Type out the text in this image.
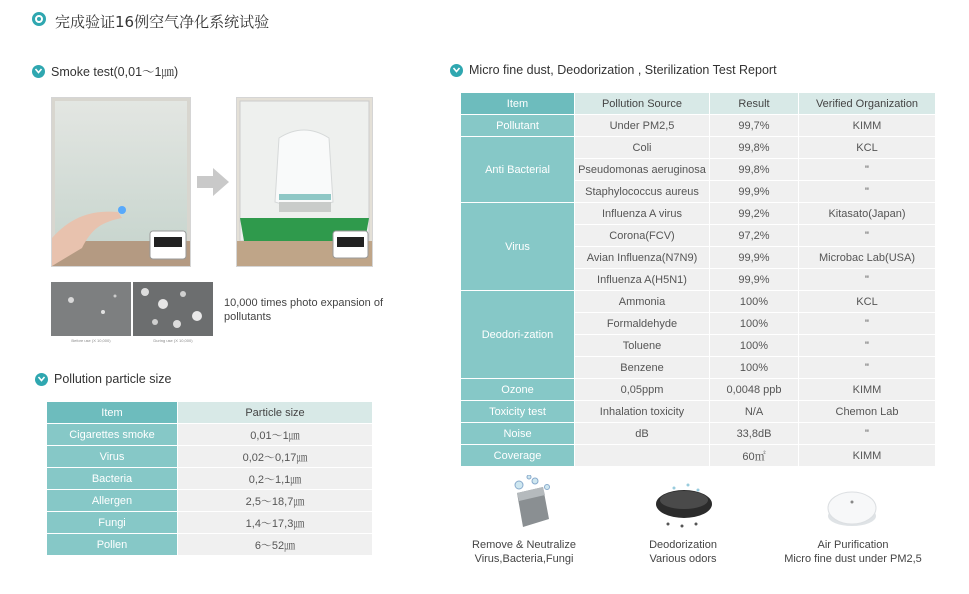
完成验证16例空气净化系统试验
Smoke test(0,01～1㎛)
Before use (X 10,000)	During use (X 10,000)
10,000 times photo expansion of pollutants
Pollution particle size
Item	Particle size
Cigarettes smoke	0,01～1㎛
Virus	0,02～0,17㎛
Bacteria	0,2～1,1㎛
Allergen	2,5～18,7㎛
Fungi	1,4～17,3㎛
Pollen	6～52㎛
Micro fine dust, Deodorization , Sterilization Test Report
Item	Pollution Source	Result	Verified Organization
Pollutant	Under PM2,5	99,7%	KIMM
Anti Bacterial	Coli	99,8%	KCL
	Pseudomonas aeruginosa	99,8%	"
	Staphylococcus aureus	99,9%	"
Virus	Influenza A virus	99,2%	Kitasato(Japan)
	Corona(FCV)	97,2%	"
	Avian Influenza(N7N9)	99,9%	Microbac Lab(USA)
	Influenza A(H5N1)	99,9%	"
Deodori-zation	Ammonia	100%	KCL
	Formaldehyde	100%	"
	Toluene	100%	"
	Benzene	100%	"
Ozone	0,05ppm	0,0048 ppb	KIMM
Toxicity test	Inhalation toxicity	N/A	Chemon Lab
Noise	dB	33,8dB	"
Coverage		60㎡	KIMM
Remove & Neutralize
Virus,Bacteria,Fungi
Deodorization
Various odors
Air Purification
Micro fine dust under PM2,5
